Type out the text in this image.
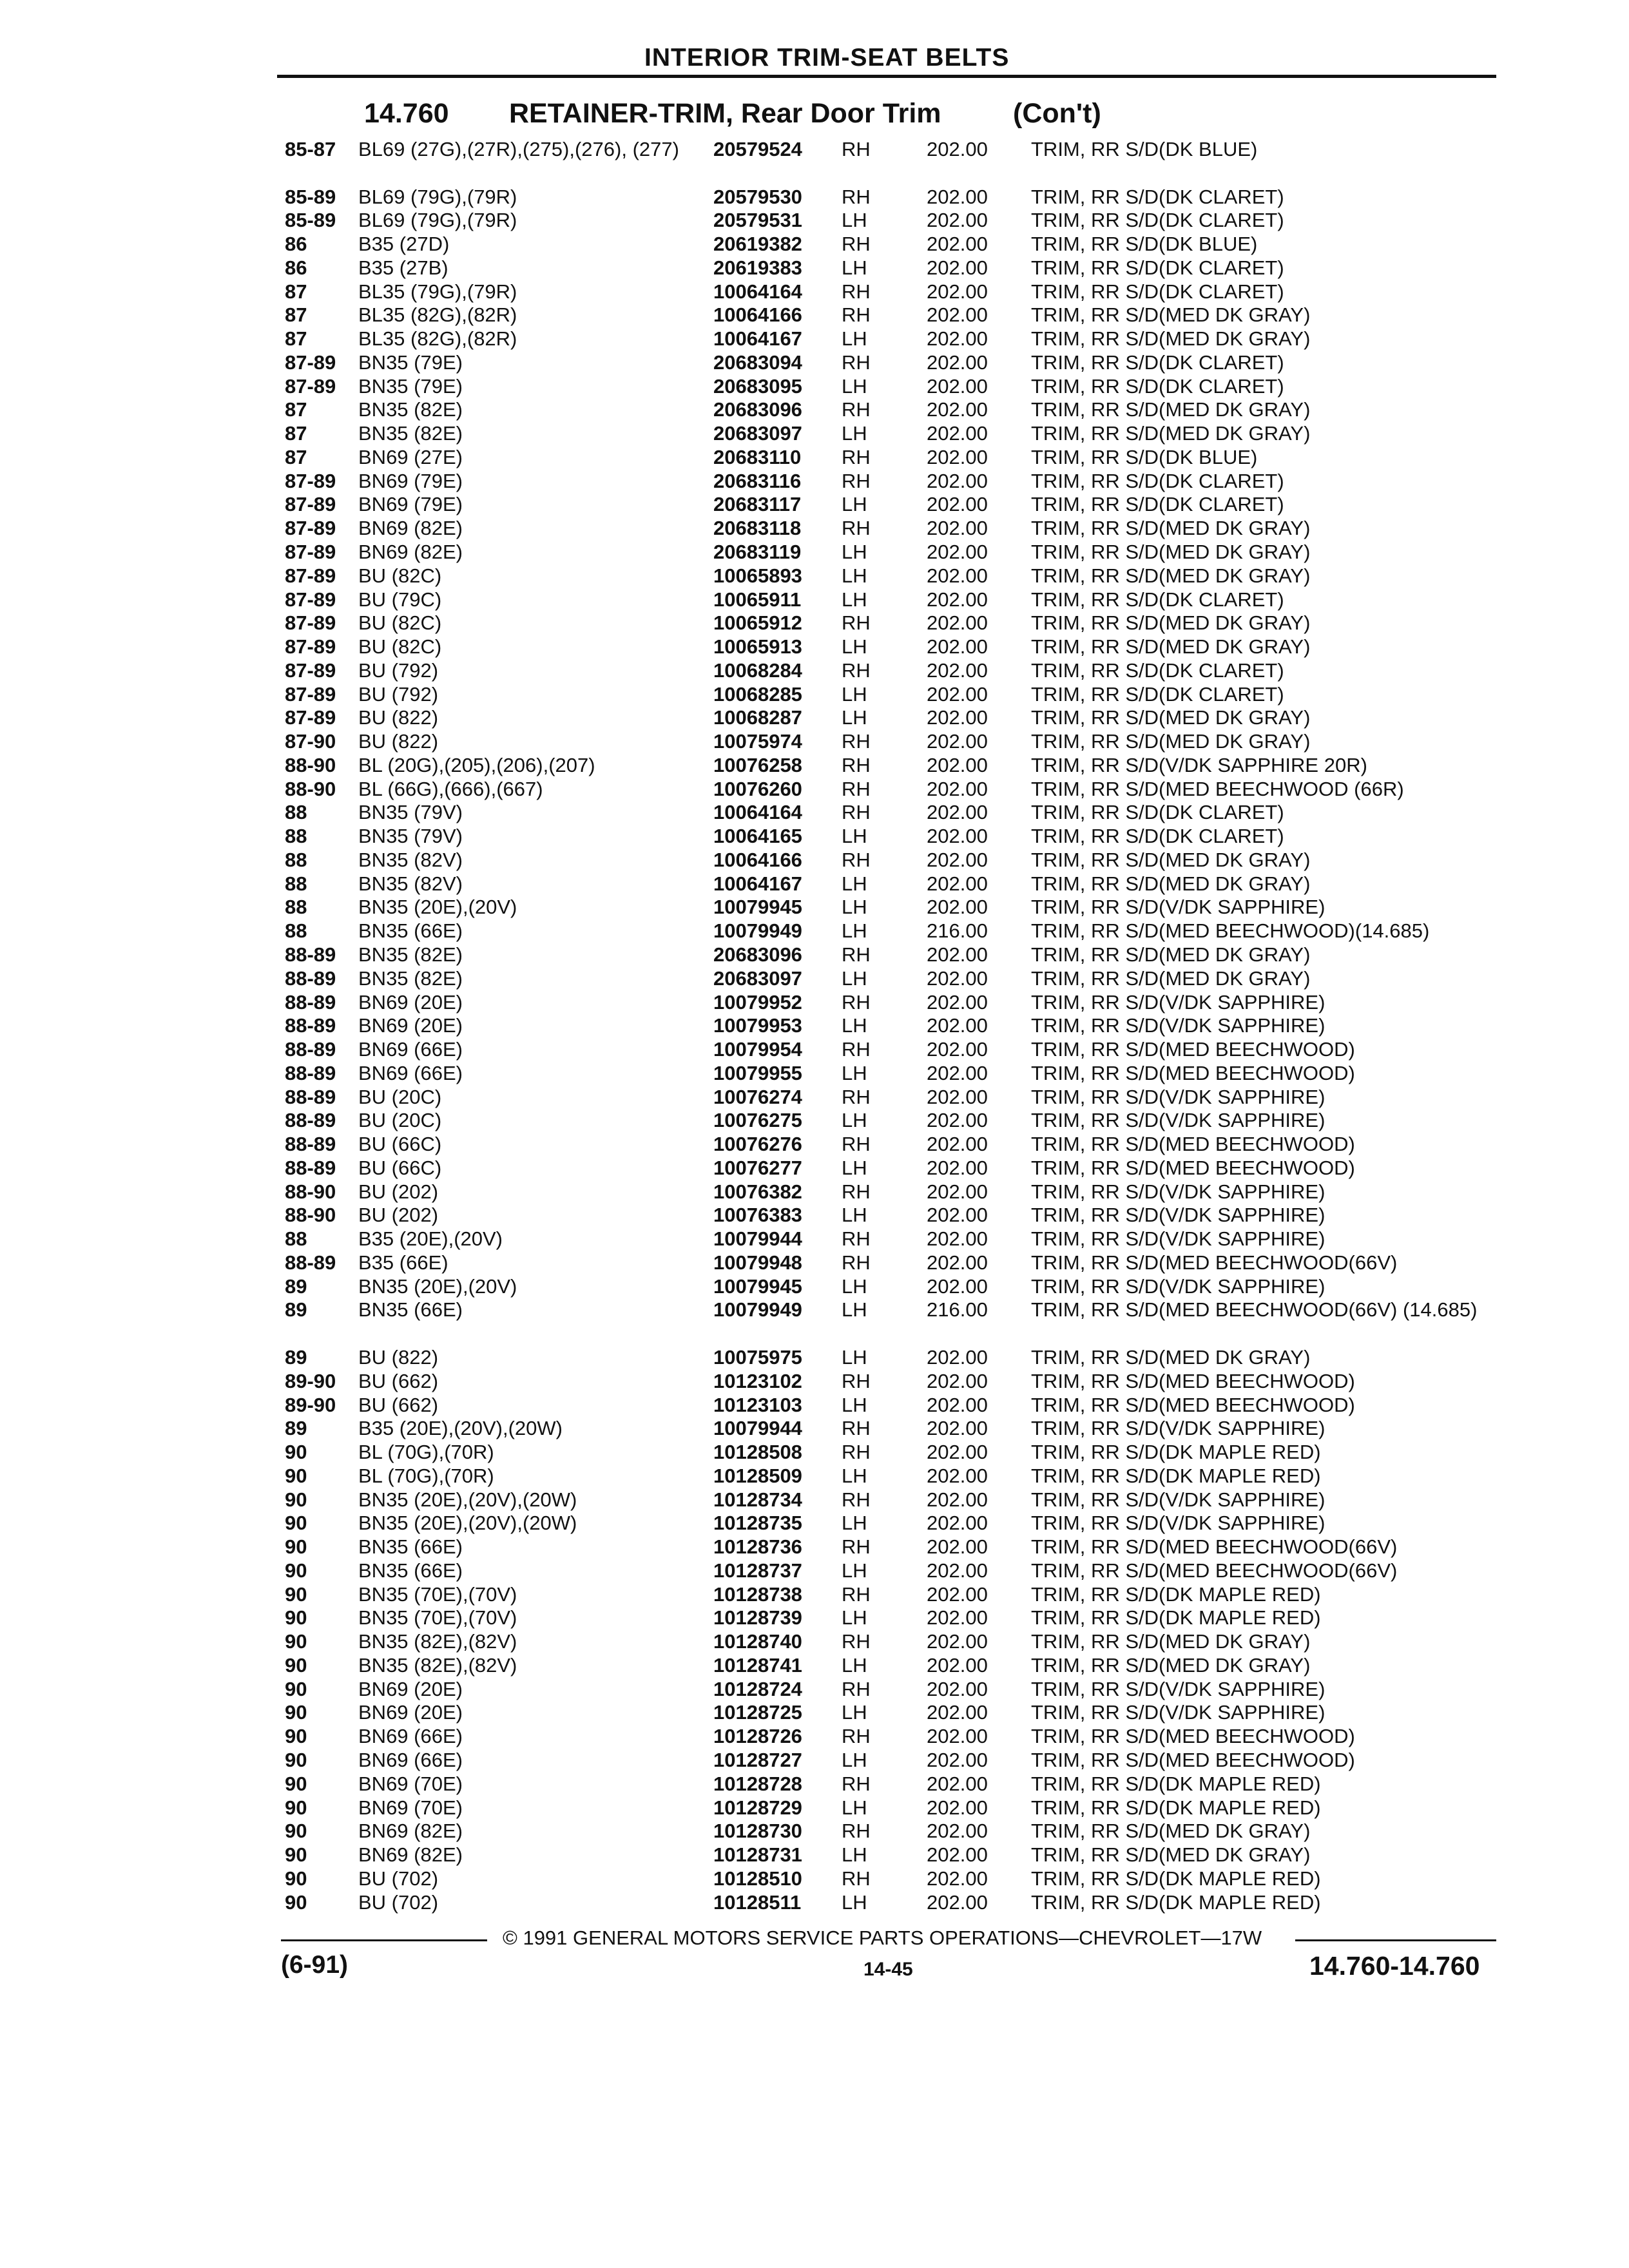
INTERIOR TRIM-SEAT BELTS
14.760 RETAINER-TRIM, Rear Door Trim	(Con't)
85-87	BL69 (27G),(27R),(275),(276), (277)	20579524	RH	202.00	TRIM, RR S/D(DK BLUE)
85-89	BL69 (79G),(79R)	20579530	RH	202.00	TRIM, RR S/D(DK CLARET)
85-89	BL69 (79G),(79R)	20579531	LH	202.00	TRIM, RR S/D(DK CLARET)
86	B35 (27D)	20619382	RH	202.00	TRIM, RR S/D(DK BLUE)
86	B35 (27B)	20619383	LH	202.00	TRIM, RR S/D(DK CLARET)
87	BL35 (79G),(79R)	10064164	RH	202.00	TRIM, RR S/D(DK CLARET)
87	BL35 (82G),(82R)	10064166	RH	202.00	TRIM, RR S/D(MED DK GRAY)
87	BL35 (82G),(82R)	10064167	LH	202.00	TRIM, RR S/D(MED DK GRAY)
87-89	BN35 (79E)	20683094	RH	202.00	TRIM, RR S/D(DK CLARET)
87-89	BN35 (79E)	20683095	LH	202.00	TRIM, RR S/D(DK CLARET)
87	BN35 (82E)	20683096	RH	202.00	TRIM, RR S/D(MED DK GRAY)
87	BN35 (82E)	20683097	LH	202.00	TRIM, RR S/D(MED DK GRAY)
87	BN69 (27E)	20683110	RH	202.00	TRIM, RR S/D(DK BLUE)
87-89	BN69 (79E)	20683116	RH	202.00	TRIM, RR S/D(DK CLARET)
87-89	BN69 (79E)	20683117	LH	202.00	TRIM, RR S/D(DK CLARET)
87-89	BN69 (82E)	20683118	RH	202.00	TRIM, RR S/D(MED DK GRAY)
87-89	BN69 (82E)	20683119	LH	202.00	TRIM, RR S/D(MED DK GRAY)
87-89	BU (82C)	10065893	LH	202.00	TRIM, RR S/D(MED DK GRAY)
87-89	BU (79C)	10065911	LH	202.00	TRIM, RR S/D(DK CLARET)
87-89	BU (82C)	10065912	RH	202.00	TRIM, RR S/D(MED DK GRAY)
87-89	BU (82C)	10065913	LH	202.00	TRIM, RR S/D(MED DK GRAY)
87-89	BU (792)	10068284	RH	202.00	TRIM, RR S/D(DK CLARET)
87-89	BU (792)	10068285	LH	202.00	TRIM, RR S/D(DK CLARET)
87-89	BU (822)	10068287	LH	202.00	TRIM, RR S/D(MED DK GRAY)
87-90	BU (822)	10075974	RH	202.00	TRIM, RR S/D(MED DK GRAY)
88-90	BL (20G),(205),(206),(207)	10076258	RH	202.00	TRIM, RR S/D(V/DK SAPPHIRE 20R)
88-90	BL (66G),(666),(667)	10076260	RH	202.00	TRIM, RR S/D(MED BEECHWOOD (66R)
88	BN35 (79V)	10064164	RH	202.00	TRIM, RR S/D(DK CLARET)
88	BN35 (79V)	10064165	LH	202.00	TRIM, RR S/D(DK CLARET)
88	BN35 (82V)	10064166	RH	202.00	TRIM, RR S/D(MED DK GRAY)
88	BN35 (82V)	10064167	LH	202.00	TRIM, RR S/D(MED DK GRAY)
88	BN35 (20E),(20V)	10079945	LH	202.00	TRIM, RR S/D(V/DK SAPPHIRE)
88	BN35 (66E)	10079949	LH	216.00	TRIM, RR S/D(MED BEECHWOOD)(14.685)
88-89	BN35 (82E)	20683096	RH	202.00	TRIM, RR S/D(MED DK GRAY)
88-89	BN35 (82E)	20683097	LH	202.00	TRIM, RR S/D(MED DK GRAY)
88-89	BN69 (20E)	10079952	RH	202.00	TRIM, RR S/D(V/DK SAPPHIRE)
88-89	BN69 (20E)	10079953	LH	202.00	TRIM, RR S/D(V/DK SAPPHIRE)
88-89	BN69 (66E)	10079954	RH	202.00	TRIM, RR S/D(MED BEECHWOOD)
88-89	BN69 (66E)	10079955	LH	202.00	TRIM, RR S/D(MED BEECHWOOD)
88-89	BU (20C)	10076274	RH	202.00	TRIM, RR S/D(V/DK SAPPHIRE)
88-89	BU (20C)	10076275	LH	202.00	TRIM, RR S/D(V/DK SAPPHIRE)
88-89	BU (66C)	10076276	RH	202.00	TRIM, RR S/D(MED BEECHWOOD)
88-89	BU (66C)	10076277	LH	202.00	TRIM, RR S/D(MED BEECHWOOD)
88-90	BU (202)	10076382	RH	202.00	TRIM, RR S/D(V/DK SAPPHIRE)
88-90	BU (202)	10076383	LH	202.00	TRIM, RR S/D(V/DK SAPPHIRE)
88	B35 (20E),(20V)	10079944	RH	202.00	TRIM, RR S/D(V/DK SAPPHIRE)
88-89	B35 (66E)	10079948	RH	202.00	TRIM, RR S/D(MED BEECHWOOD(66V)
89	BN35 (20E),(20V)	10079945	LH	202.00	TRIM, RR S/D(V/DK SAPPHIRE)
89	BN35 (66E)	10079949	LH	216.00	TRIM, RR S/D(MED BEECHWOOD(66V) (14.685)
89	BU (822)	10075975	LH	202.00	TRIM, RR S/D(MED DK GRAY)
89-90	BU (662)	10123102	RH	202.00	TRIM, RR S/D(MED BEECHWOOD)
89-90	BU (662)	10123103	LH	202.00	TRIM, RR S/D(MED BEECHWOOD)
89	B35 (20E),(20V),(20W)	10079944	RH	202.00	TRIM, RR S/D(V/DK SAPPHIRE)
90	BL (70G),(70R)	10128508	RH	202.00	TRIM, RR S/D(DK MAPLE RED)
90	BL (70G),(70R)	10128509	LH	202.00	TRIM, RR S/D(DK MAPLE RED)
90	BN35 (20E),(20V),(20W)	10128734	RH	202.00	TRIM, RR S/D(V/DK SAPPHIRE)
90	BN35 (20E),(20V),(20W)	10128735	LH	202.00	TRIM, RR S/D(V/DK SAPPHIRE)
90	BN35 (66E)	10128736	RH	202.00	TRIM, RR S/D(MED BEECHWOOD(66V)
90	BN35 (66E)	10128737	LH	202.00	TRIM, RR S/D(MED BEECHWOOD(66V)
90	BN35 (70E),(70V)	10128738	RH	202.00	TRIM, RR S/D(DK MAPLE RED)
90	BN35 (70E),(70V)	10128739	LH	202.00	TRIM, RR S/D(DK MAPLE RED)
90	BN35 (82E),(82V)	10128740	RH	202.00	TRIM, RR S/D(MED DK GRAY)
90	BN35 (82E),(82V)	10128741	LH	202.00	TRIM, RR S/D(MED DK GRAY)
90	BN69 (20E)	10128724	RH	202.00	TRIM, RR S/D(V/DK SAPPHIRE)
90	BN69 (20E)	10128725	LH	202.00	TRIM, RR S/D(V/DK SAPPHIRE)
90	BN69 (66E)	10128726	RH	202.00	TRIM, RR S/D(MED BEECHWOOD)
90	BN69 (66E)	10128727	LH	202.00	TRIM, RR S/D(MED BEECHWOOD)
90	BN69 (70E)	10128728	RH	202.00	TRIM, RR S/D(DK MAPLE RED)
90	BN69 (70E)	10128729	LH	202.00	TRIM, RR S/D(DK MAPLE RED)
90	BN69 (82E)	10128730	RH	202.00	TRIM, RR S/D(MED DK GRAY)
90	BN69 (82E)	10128731	LH	202.00	TRIM, RR S/D(MED DK GRAY)
90	BU (702)	10128510	RH	202.00	TRIM, RR S/D(DK MAPLE RED)
90	BU (702)	10128511	LH	202.00	TRIM, RR S/D(DK MAPLE RED)
© 1991 GENERAL MOTORS SERVICE PARTS OPERATIONS—CHEVROLET—17W
(6-91)	14-45	14.760-14.760
